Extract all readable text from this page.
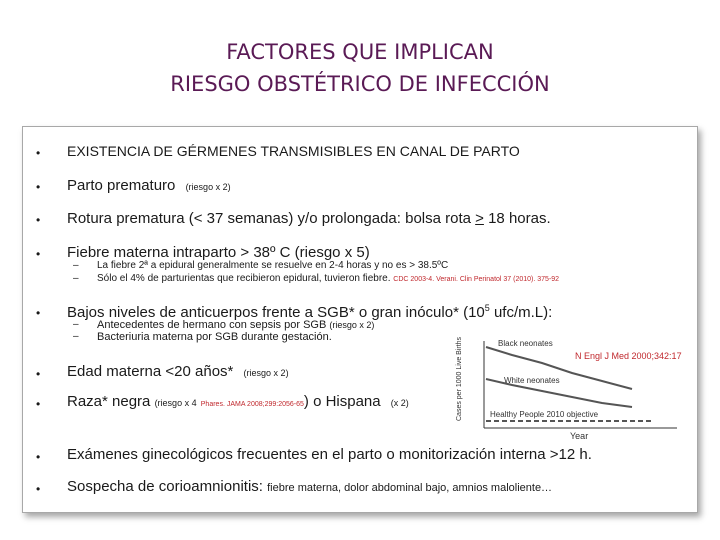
FACTORES QUE IMPLICAN
RIESGO OBSTÉTRICO DE INFECCIÓN
• EXISTENCIA DE GÉRMENES TRANSMISIBLES EN CANAL DE PARTO
• Parto prematuro (riesgo x 2)
• Rotura prematura (< 37 semanas) y/o prolongada: bolsa rota > 18 horas.
• Fiebre materna intraparto > 38º C (riesgo x 5)
– La fiebre 2ª a epidural generalmente se resuelve en 2-4 horas y no es > 38.5ºC
– Sólo el 4% de parturientas que recibieron epidural, tuvieron fiebre. CDC 2003-4. Verani. Clin Perinatol 37 (2010). 375-92
• Bajos niveles de anticuerpos frente a SGB* o gran inóculo* ($10^5$ ufc/m.L):
– Antecedentes de hermano con sepsis por SGB (riesgo x 2)
– Bacteriuria materna por SGB durante gestación.
N Engl J Med 2000;342:17
Cases per 1000 Live Births	Black neonates
White neonates
Healthy People 2010 objective
Year
• Edad materna <20 años* (riesgo x 2)
• Raza* negra (riesgo x 4 Phares. JAMA 2008;299:2056-65) o Hispana (x 2)
• Exámenes ginecológicos frecuentes en el parto o monitorización interna >12 h.
• Sospecha de corioamnionitis: fiebre materna, dolor abdominal bajo, amnios maloliente…
